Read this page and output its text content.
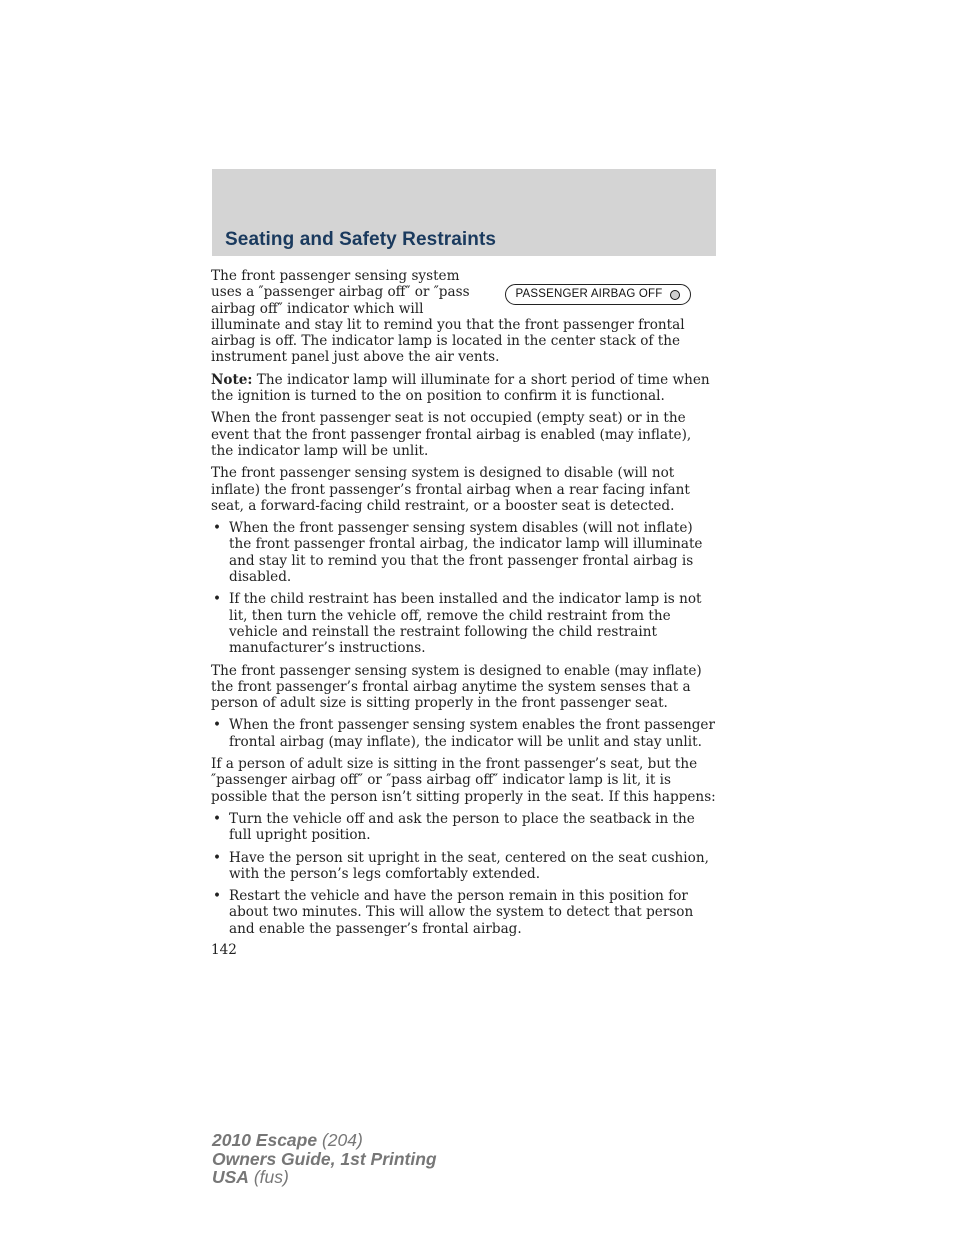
Seating and Safety Restraints
PASSENGER AIRBAG OFF

The front passenger sensing system uses a ″passenger airbag off″ or ″pass airbag off″ indicator which will illuminate and stay lit to remind you that the front passenger frontal airbag is off. The indicator lamp is located in the center stack of the instrument panel just above the air vents.

Note: The indicator lamp will illuminate for a short period of time when the ignition is turned to the on position to confirm it is functional.

When the front passenger seat is not occupied (empty seat) or in the event that the front passenger frontal airbag is enabled (may inflate), the indicator lamp will be unlit.

The front passenger sensing system is designed to disable (will not inflate) the front passenger’s frontal airbag when a rear facing infant seat, a forward-facing child restraint, or a booster seat is detected.

• When the front passenger sensing system disables (will not inflate) the front passenger frontal airbag, the indicator lamp will illuminate and stay lit to remind you that the front passenger frontal airbag is disabled.
• If the child restraint has been installed and the indicator lamp is not lit, then turn the vehicle off, remove the child restraint from the vehicle and reinstall the restraint following the child restraint manufacturer’s instructions.

The front passenger sensing system is designed to enable (may inflate) the front passenger’s frontal airbag anytime the system senses that a person of adult size is sitting properly in the front passenger seat.

• When the front passenger sensing system enables the front passenger frontal airbag (may inflate), the indicator will be unlit and stay unlit.

If a person of adult size is sitting in the front passenger’s seat, but the ″passenger airbag off″ or ″pass airbag off″ indicator lamp is lit, it is possible that the person isn’t sitting properly in the seat. If this happens:

• Turn the vehicle off and ask the person to place the seatback in the full upright position.
• Have the person sit upright in the seat, centered on the seat cushion, with the person’s legs comfortably extended.
• Restart the vehicle and have the person remain in this position for about two minutes. This will allow the system to detect that person and enable the passenger’s frontal airbag.
142
2010 Escape (204)
Owners Guide, 1st Printing
USA (fus)
